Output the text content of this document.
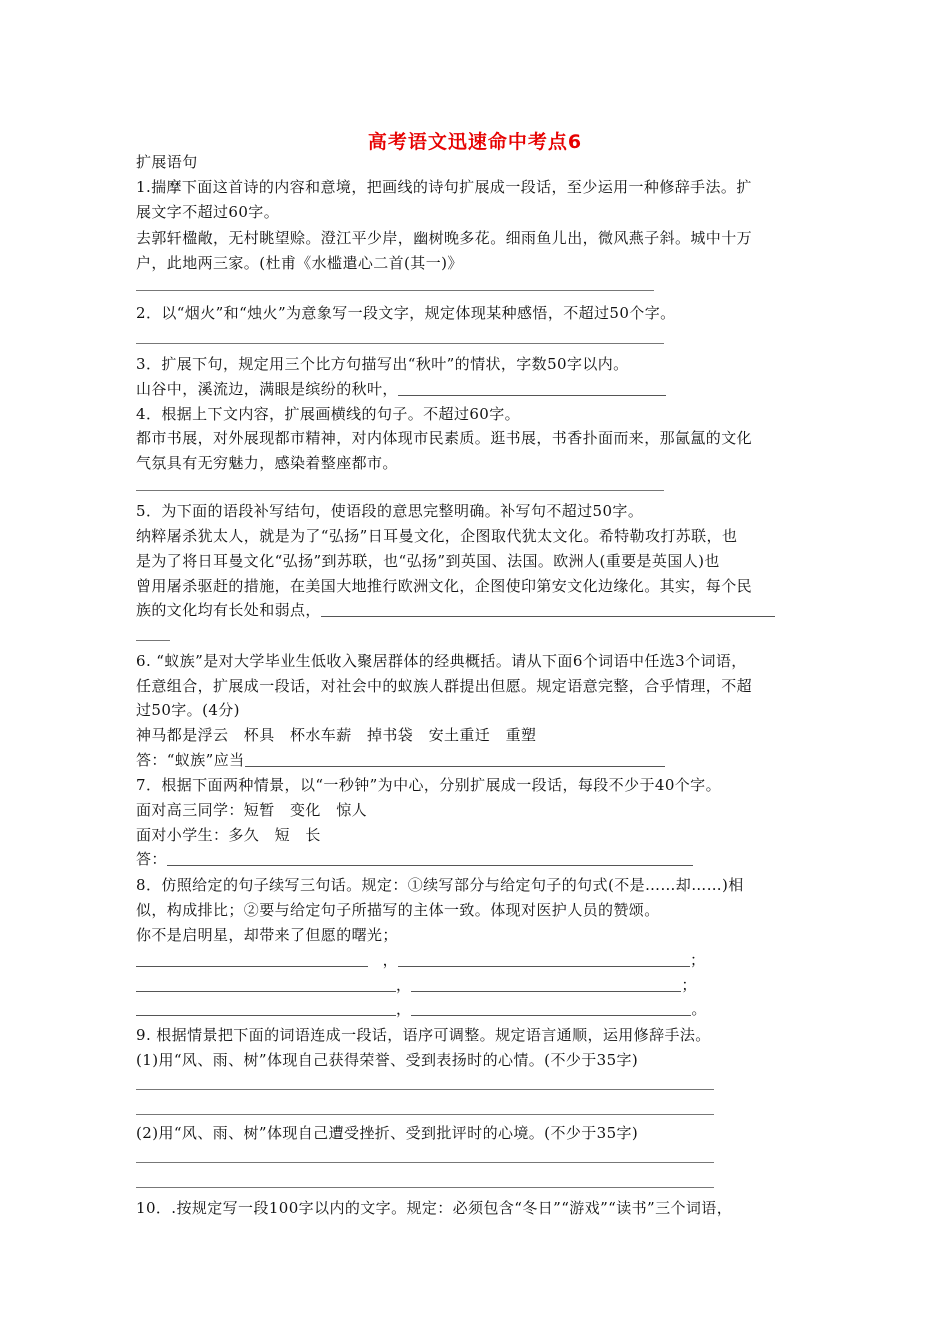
高考语文迅速命中考点6
扩展语句
1.揣摩下面这首诗的内容和意境，把画线的诗句扩展成一段话，至少运用一种修辞手法。扩
展文字不超过60字。
去郭轩楹敞，无村眺望赊。澄江平少岸，幽树晚多花。细雨鱼儿出，微风燕子斜。城中十万
户，此地两三家。(杜甫《水槛遣心二首(其一)》
2．以“烟火”和“烛火”为意象写一段文字，规定体现某种感悟，不超过50个字。
3．扩展下句，规定用三个比方句描写出“秋叶”的情状，字数50字以内。
山谷中，溪流边，满眼是缤纷的秋叶，
4．根据上下文内容，扩展画横线的句子。不超过60字。
都市书展，对外展现都市精神，对内体现市民素质。逛书展，书香扑面而来，那氤氲的文化
气氛具有无穷魅力，感染着整座都市。
5．为下面的语段补写结句，使语段的意思完整明确。补写句不超过50字。
纳粹屠杀犹太人，就是为了“弘扬”日耳曼文化，企图取代犹太文化。希特勒攻打苏联，也
是为了将日耳曼文化“弘扬”到苏联，也“弘扬”到英国、法国。欧洲人(重要是英国人)也
曾用屠杀驱赶的措施，在美国大地推行欧洲文化，企图使印第安文化边缘化。其实，每个民
族的文化均有长处和弱点，
6. “蚁族”是对大学毕业生低收入聚居群体的经典概括。请从下面6个词语中任选3个词语，
任意组合，扩展成一段话，对社会中的蚁族人群提出但愿。规定语意完整，合乎情理，不超
过50字。(4分)
神马都是浮云　杯具　杯水车薪　掉书袋　安土重迁　重塑
答：“蚁族”应当
7．根据下面两种情景，以“一秒钟”为中心，分别扩展成一段话，每段不少于40个字。
面对高三同学：短暂　变化　惊人
面对小学生：多久　短　长
答：
8．仿照给定的句子续写三句话。规定：①续写部分与给定句子的句式(不是……却……)相
似，构成排比；②要与给定句子所描写的主体一致。体现对医护人员的赞颂。
你不是启明星，却带来了但愿的曙光；
，	；
，	；
，	。
9. 根据情景把下面的词语连成一段话，语序可调整。规定语言通顺，运用修辞手法。
(1)用“风、雨、树”体现自己获得荣誉、受到表扬时的心情。(不少于35字)
(2)用“风、雨、树”体现自己遭受挫折、受到批评时的心境。(不少于35字)
10．.按规定写一段100字以内的文字。规定：必须包含“冬日”“游戏”“读书”三个词语，
